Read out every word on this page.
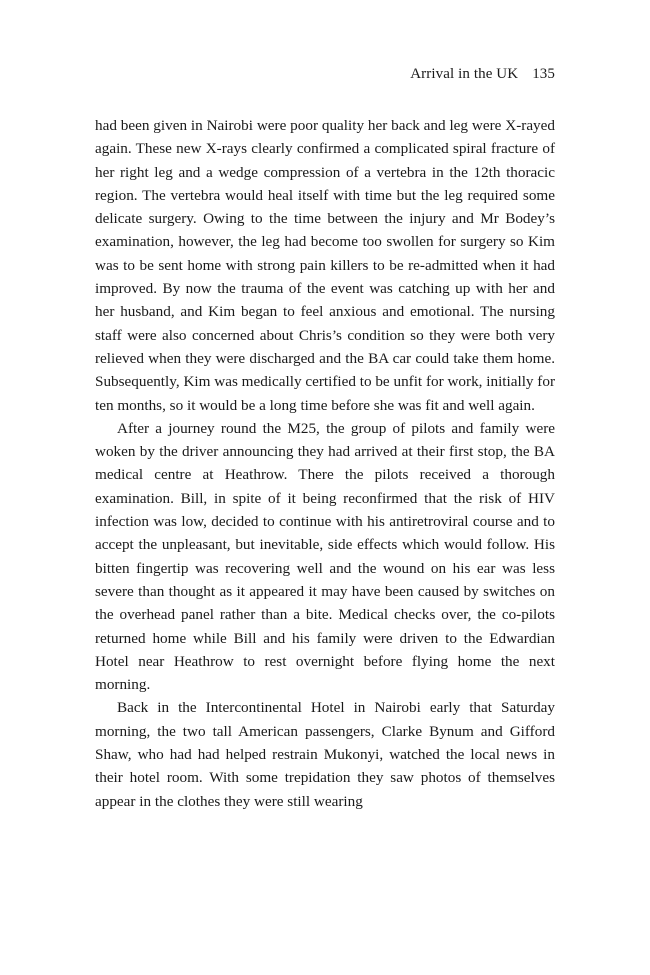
Arrival in the UK 135

had been given in Nairobi were poor quality her back and leg were X-rayed again. These new X-rays clearly confirmed a complicated spiral fracture of her right leg and a wedge compression of a vertebra in the 12th thoracic region. The vertebra would heal itself with time but the leg required some delicate surgery. Owing to the time between the injury and Mr Bodey’s examination, however, the leg had become too swollen for surgery so Kim was to be sent home with strong pain killers to be re-admitted when it had improved. By now the trauma of the event was catching up with her and her husband, and Kim began to feel anxious and emotional. The nursing staff were also concerned about Chris’s condition so they were both very relieved when they were discharged and the BA car could take them home. Subsequently, Kim was medically certified to be unfit for work, initially for ten months, so it would be a long time before she was fit and well again.

After a journey round the M25, the group of pilots and family were woken by the driver announcing they had arrived at their first stop, the BA medical centre at Heathrow. There the pilots received a thorough examination. Bill, in spite of it being reconfirmed that the risk of HIV infection was low, decided to continue with his antiretroviral course and to accept the unpleasant, but inevitable, side effects which would follow. His bitten fingertip was recovering well and the wound on his ear was less severe than thought as it appeared it may have been caused by switches on the overhead panel rather than a bite. Medical checks over, the co-pilots returned home while Bill and his family were driven to the Edwardian Hotel near Heathrow to rest overnight before flying home the next morning.

Back in the Intercontinental Hotel in Nairobi early that Saturday morning, the two tall American passengers, Clarke Bynum and Gifford Shaw, who had had helped restrain Mukonyi, watched the local news in their hotel room. With some trepidation they saw photos of themselves appear in the clothes they were still wearing
